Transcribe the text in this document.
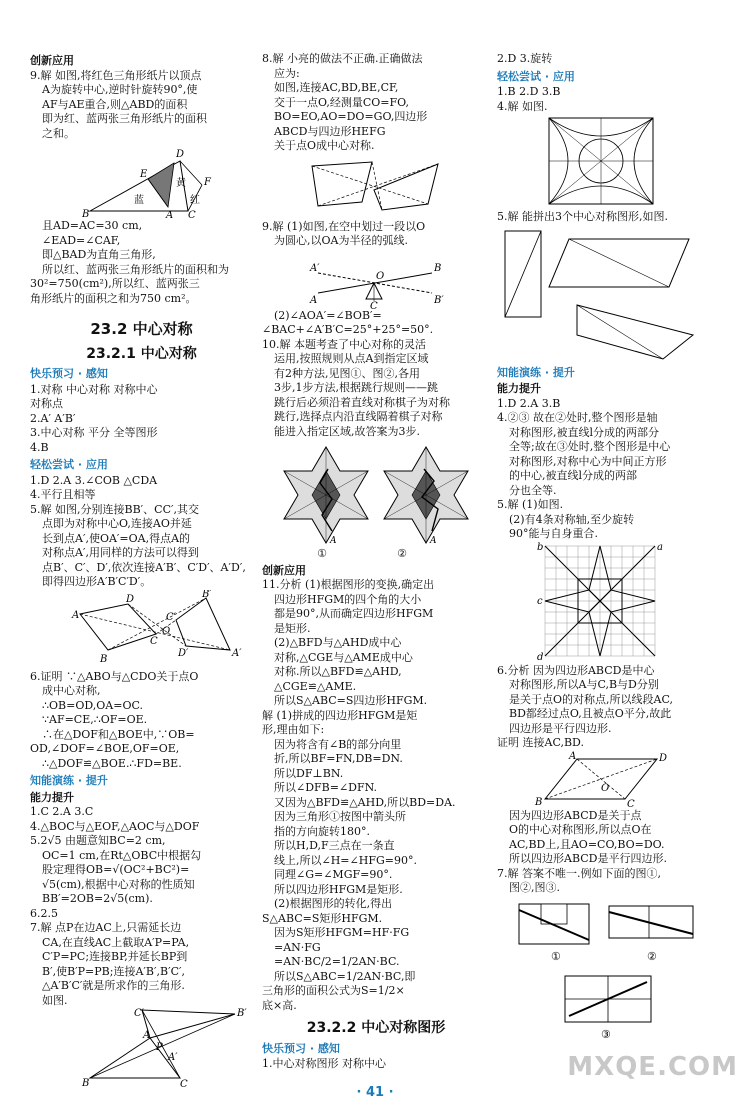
创新应用

9.解 如图,将红色三角形纸片以顶点

A为旋转中心,逆时针旋转90°,使

AF与AE重合,则△ABD的面积

即为红、蓝两张三角形纸片的面积

之和。

D
E
F
B	A C
蓝
黄
红

且AD=AC=30 cm,

∠EAD=∠CAF,

即△BAD为直角三角形,

所以红、蓝两张三角形纸片的面积和为

30²=750(cm²),所以红、蓝两张三

角形纸片的面积之和为750 cm²。

23.2 中心对称

23.2.1 中心对称

快乐预习 · 感知

1.对称 中心对称 对称中心

对称点

2.A′ A′B′

3.中心对称 平分 全等图形

4.B

轻松尝试 · 应用

1.D 2.A 3.∠COB △CDA

4.平行且相等

5.解 如图,分别连接BB′、CC′,其交

点即为对称中心O,连接AO并延

长到点A′,使OA′=OA,得点A的

对称点A′,用同样的方法可以得到

点B′、C′、D′,依次连接A′B′、C′D′、A′D′,

即得四边形A′B′C′D′。

A
D
C
B
O
B′
A′
D′
C′

6.证明 ∵△ABO与△CDO关于点O

成中心对称,

∴OB=OD,OA=OC.

∵AF=CE,∴OF=OE.

∴在△DOF和△BOE中,∵OB=

OD,∠DOF=∠BOE,OF=OE,

∴△DOF≌△BOE.∴FD=BE.

知能演练 · 提升

能力提升

1.C 2.A 3.C

4.△BOC与△EOF,△AOC与△DOF

5.2√5 由题意知BC=2 cm,

OC=1 cm,在Rt△OBC中根据勾

股定理得OB=√(OC²+BC²)=

√5(cm),根据中心对称的性质知

BB′=2OB=2√5(cm).

6.2.5

7.解 点P在边AC上,只需延长边

CA,在直线AC上截取A′P=PA,

C′P=PC;连接BP,并延长BP到

B′,使B′P=PB;连接A′B′,B′C′,

△A′B′C′就是所求作的三角形.

如图.

C′	B′
A
P
A′
B	C

8.解 小亮的做法不正确.正确做法

应为:

如图,连接AC,BD,BE,CF,

交于一点O,经测量CO=FO,

BO=EO,AO=DO=GO,四边形

ABCD与四边形HEFG

关于点O成中心对称.

9.解 (1)如图,在空中划过一段以O

为圆心,以OA为半径的弧线.

A′
A
B
B′
O
C

(2)∠AOA′=∠BOB′=

∠BAC+∠A′B′C=25°+25°=50°.

10.解 本题考查了中心对称的灵活

运用,按照规则从点A到指定区域

有2种方法,见图①、图②,各用

3步,1步方法,根据跳行规则——跳

跳行后必须沿着直线对称棋子为对称

跳行,选择点内沿直线隔着棋子对称

能进入指定区域,故答案为3步.

A	A
①	②

创新应用

11.分析 (1)根据图形的变换,确定出

四边形HFGM的四个角的大小

都是90°,从而确定四边形HFGM

是矩形.

(2)△BFD与△AHD成中心

对称,△CGE与△AME成中心

对称.所以△BFD≌△AHD,

△CGE≌△AME.

所以S△ABC=S四边形HFGM.

解 (1)拼成的四边形HFGM是矩

形,理由如下:

因为将含有∠B的部分向里

折,所以BF=FN,DB=DN.

所以DF⊥BN.

所以∠DFB=∠DFN.

又因为△BFD≌△AHD,所以BD=DA.

因为三角形①按图中箭头所

指的方向旋转180°.

所以H,D,F三点在一条直

线上,所以∠H=∠HFG=90°.

同理∠G=∠MGF=90°.

所以四边形HFGM是矩形.

(2)根据图形的转化,得出

S△ABC=S矩形HFGM.

因为S矩形HFGM=HF·FG

=AN·FG

=AN·BC/2=1/2AN·BC.

所以S△ABC=1/2AN·BC,即

三角形的面积公式为S=1/2×

底×高.

23.2.2 中心对称图形

快乐预习 · 感知

1.中心对称图形 对称中心

2.D 3.旋转

轻松尝试 · 应用

1.B 2.D 3.B

4.解 如图.

5.解 能拼出3个中心对称图形,如图.

知能演练 · 提升

能力提升

1.D 2.A 3.B

4.②③ 故在②处时,整个图形是轴

对称图形,被直线l分成的两部分

全等;故在③处时,整个图形是中心

对称图形,对称中心为中间正方形

的中心,被直线l分成的两部

分也全等.

5.解 (1)如图.

(2)有4条对称轴,至少旋转

90°能与自身重合.

b	a
c
d

6.分析 因为四边形ABCD是中心

对称图形,所以A与C,B与D分别

是关于点O的对称点,所以线段AC,

BD都经过点O,且被点O平分,故此

四边形是平行四边形.

证明 连接AC,BD.

A	D
B	C
O

因为四边形ABCD是关于点

O的中心对称图形,所以点O在

AC,BD上,且AO=CO,BO=DO.

所以四边形ABCD是平行四边形.

7.解 答案不唯一.例如下面的图①,

图②,图③.

①	②
③
· 41 ·
MXQE.COM
